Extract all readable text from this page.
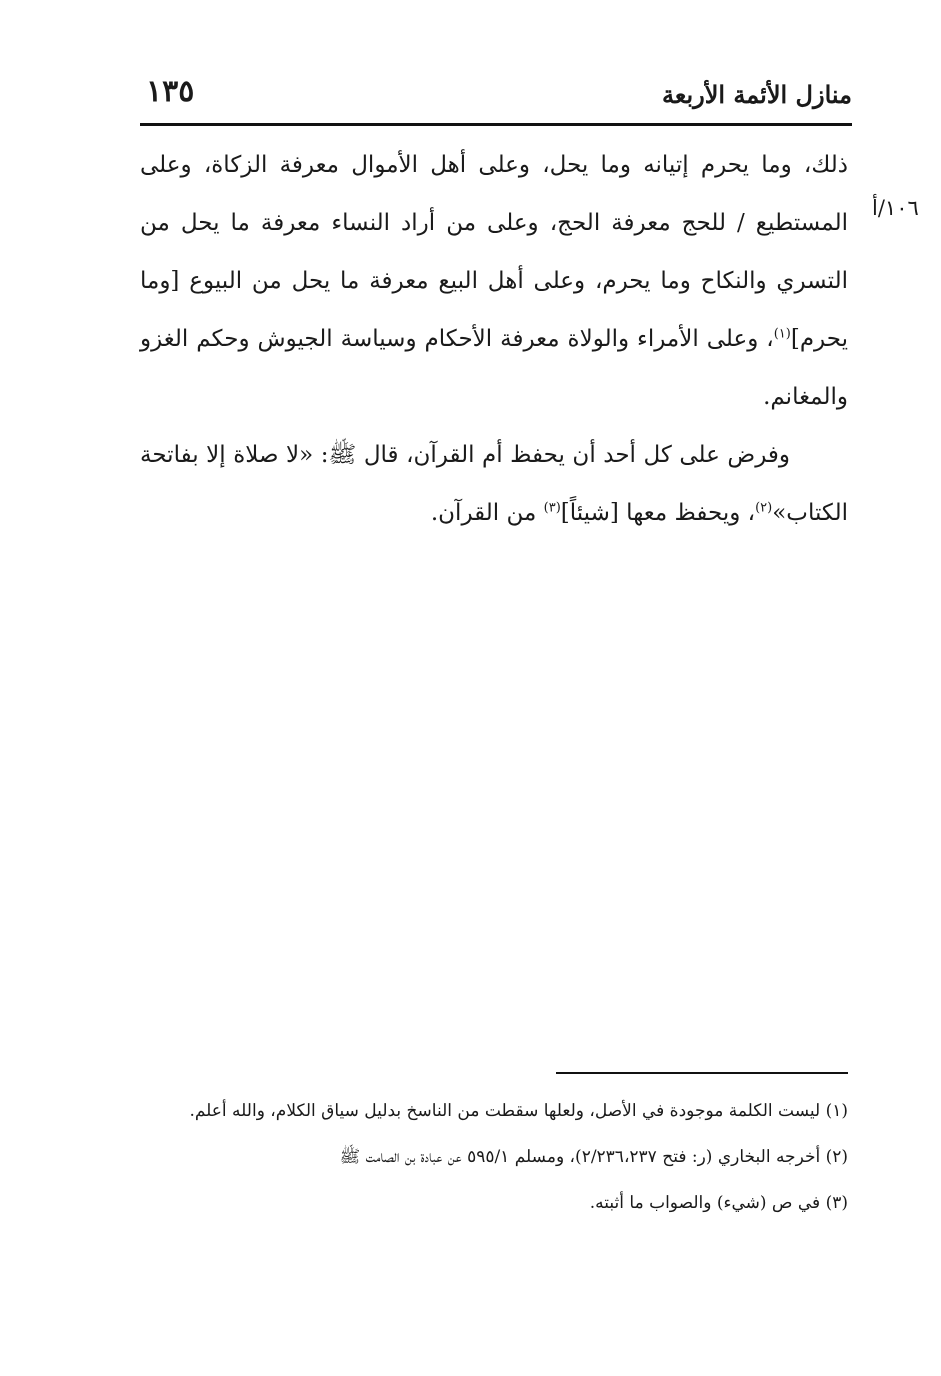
منازل الأئمة الأربعة
١٣٥
١٠٦/أ

ذلك، وما يحرم إتيانه وما يحل، وعلى أهل الأموال معرفة الزكاة، وعلى المستطيع / للحج معرفة الحج، وعلى من أراد النساء معرفة ما يحل من التسري والنكاح وما يحرم، وعلى أهل البيع معرفة ما يحل من البيوع [وما يحرم]$^{(١)}$، وعلى الأمراء والولاة معرفة الأحكام وسياسة الجيوش وحكم الغزو والمغانم.

وفرض على كل أحد أن يحفظ أم القرآن، قال ﷺ: «لا صلاة إلا بفاتحة الكتاب»$^{(٢)}$، ويحفظ معها [شيئاً]$^{(٣)}$ من القرآن.

(١) ليست الكلمة موجودة في الأصل، ولعلها سقطت من الناسخ بدليل سياق الكلام، والله أعلم.
(٢) أخرجه البخاري (ر: فتح ٢/٢٣٦،٢٣٧)، ومسلم ٥٩٥/١ عن عبادة بن الصامت ﷺ
(٣) في ص (شيء) والصواب ما أثبته.
